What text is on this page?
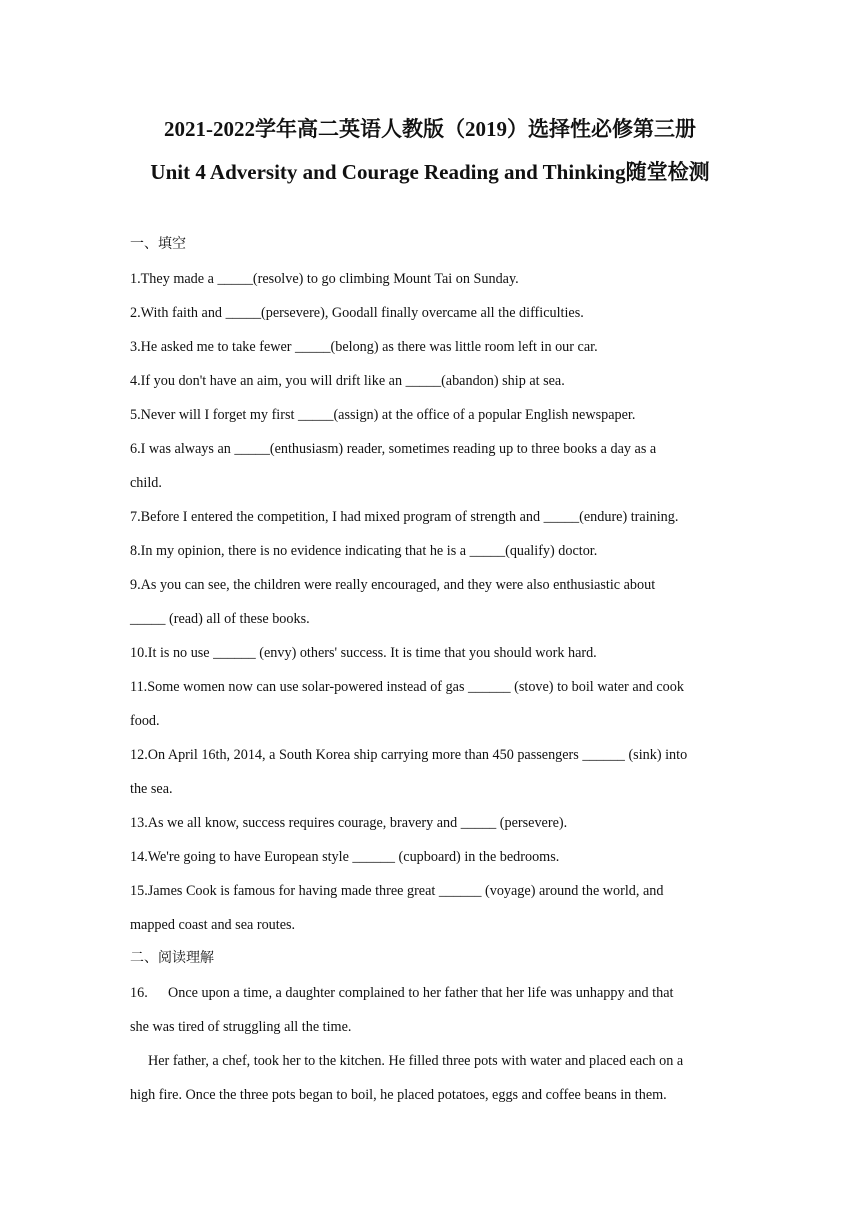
2021-2022学年高二英语人教版（2019）选择性必修第三册
Unit 4 Adversity and Courage Reading and Thinking随堂检测
一、填空
1.They made a _____(resolve) to go climbing Mount Tai on Sunday.
2.With faith and _____(persevere), Goodall finally overcame all the difficulties.
3.He asked me to take fewer _____(belong) as there was little room left in our car.
4.If you don't have an aim, you will drift like an _____(abandon) ship at sea.
5.Never will I forget my first _____(assign) at the office of a popular English newspaper.
6.I was always an _____(enthusiasm) reader, sometimes reading up to three books a day as a
child.
7.Before I entered the competition, I had mixed program of strength and _____(endure) training.
8.In my opinion, there is no evidence indicating that he is a _____(qualify) doctor.
9.As you can see, the children were really encouraged, and they were also enthusiastic about
_____ (read) all of these books.
10.It is no use ______ (envy) others' success. It is time that you should work hard.
11.Some women now can use solar-powered instead of gas ______ (stove) to boil water and cook
food.
12.On April 16th, 2014, a South Korea ship carrying more than 450 passengers ______ (sink) into
the sea.
13.As we all know, success requires courage, bravery and _____ (persevere).
14.We're going to have European style ______ (cupboard) in the bedrooms.
15.James Cook is famous for having made three great ______ (voyage) around the world, and
mapped coast and sea routes.
二、阅读理解
16. Once upon a time, a daughter complained to her father that her life was unhappy and that
she was tired of struggling all the time.
Her father, a chef, took her to the kitchen. He filled three pots with water and placed each on a
high fire. Once the three pots began to boil, he placed potatoes, eggs and coffee beans in them.
